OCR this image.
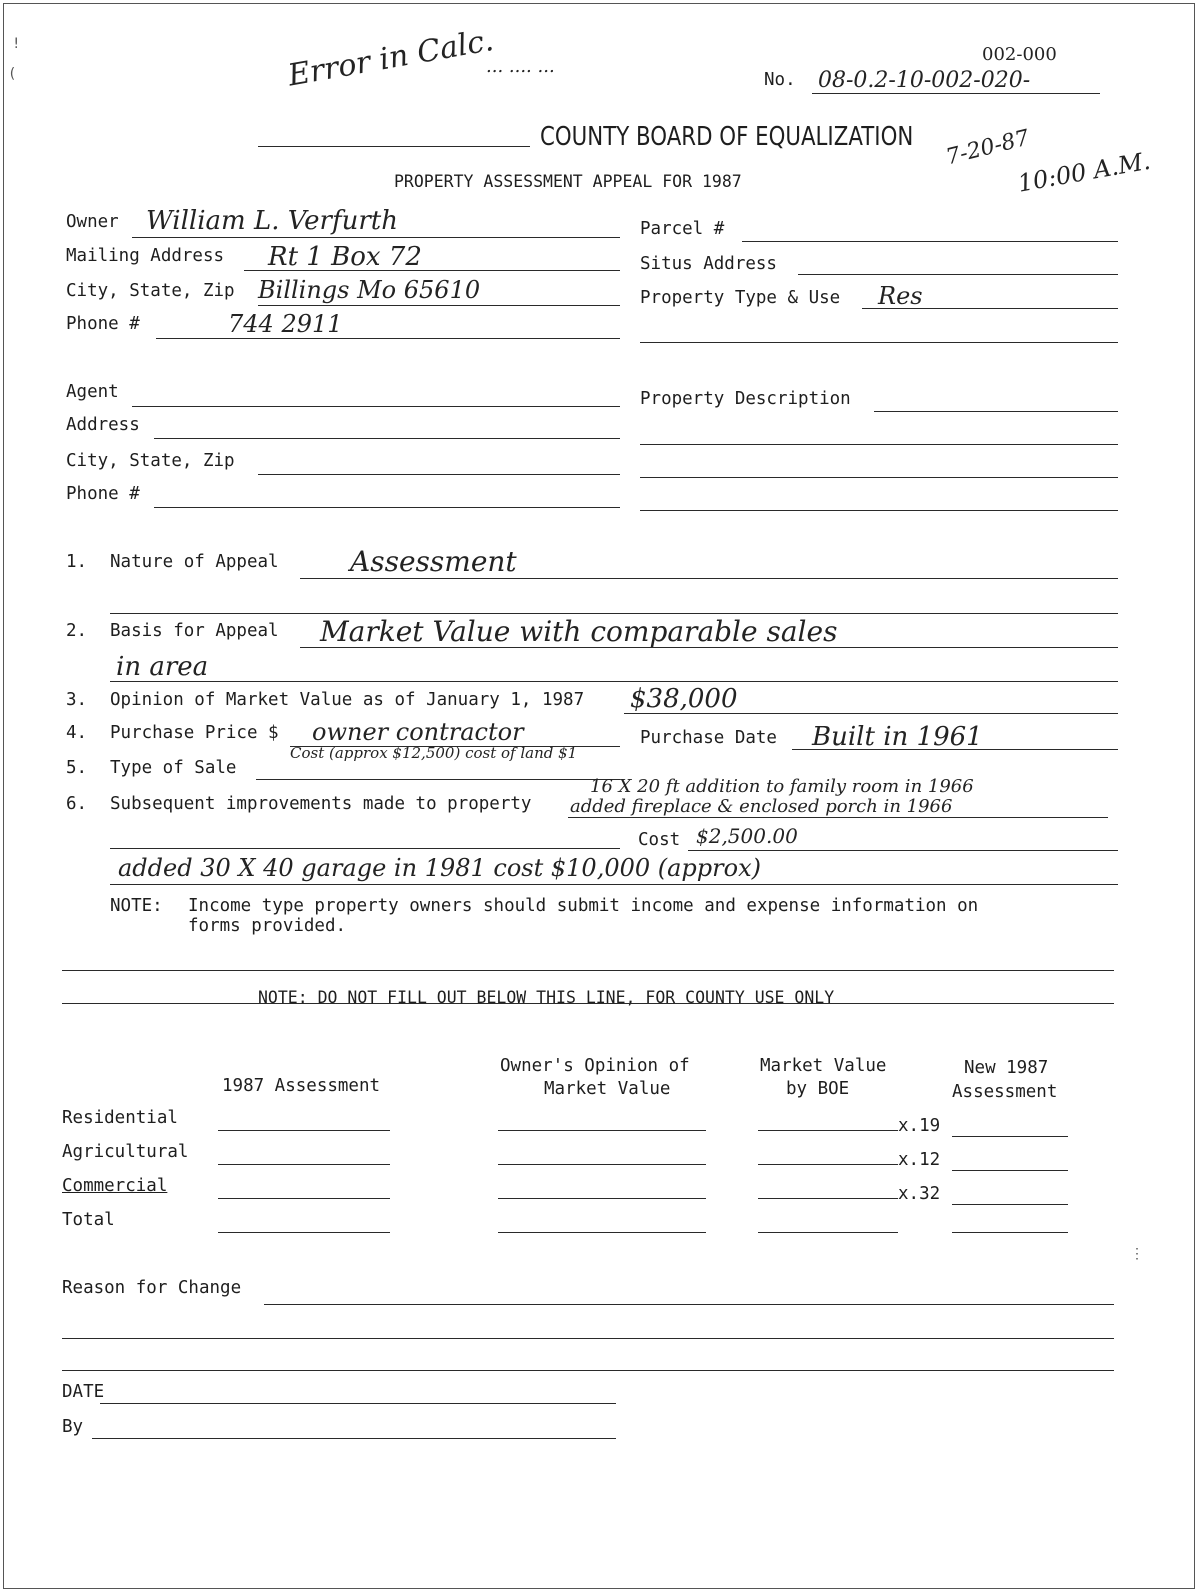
!
(	Error in Calc.
... .... ...
002-000
No. 08-0.2-10-002-020-
COUNTY BOARD OF EQUALIZATION 7-20-87
10:00 A.M.
PROPERTY ASSESSMENT APPEAL FOR 1987
Owner William L. Verfurth
Mailing Address Rt 1 Box 72
City, State, Zip Billings Mo 65610
Phone #	744 2911
Parcel #
Situs Address
Property Type & Use Res
Agent
Address
City, State, Zip
Phone #
Property Description
1. Nature of Appeal	Assessment
2. Basis for Appeal Market Value with comparable sales
in area
3. Opinion of Market Value as of January 1, 1987 $38,000
4. Purchase Price $ owner contractor	Purchase Date Built in 1961
5. Type of Sale
Cost (approx $12,500) cost of land $1
6. Subsequent improvements made to property
16 X 20 ft addition to family room in 1966
added fireplace & enclosed porch in 1966
Cost $2,500.00
added 30 X 40 garage in 1981 cost $10,000 (approx)
NOTE: Income type property owners should submit income and expense information on
forms provided.
NOTE: DO NOT FILL OUT BELOW THIS LINE, FOR COUNTY USE ONLY
1987 Assessment
Owner's Opinion of
Market Value
Market Value
by BOE
New 1987
Assessment
Residential	x.19
Agricultural	x.12
Commercial	x.32
Total
Reason for Change
DATE
By
⋮
